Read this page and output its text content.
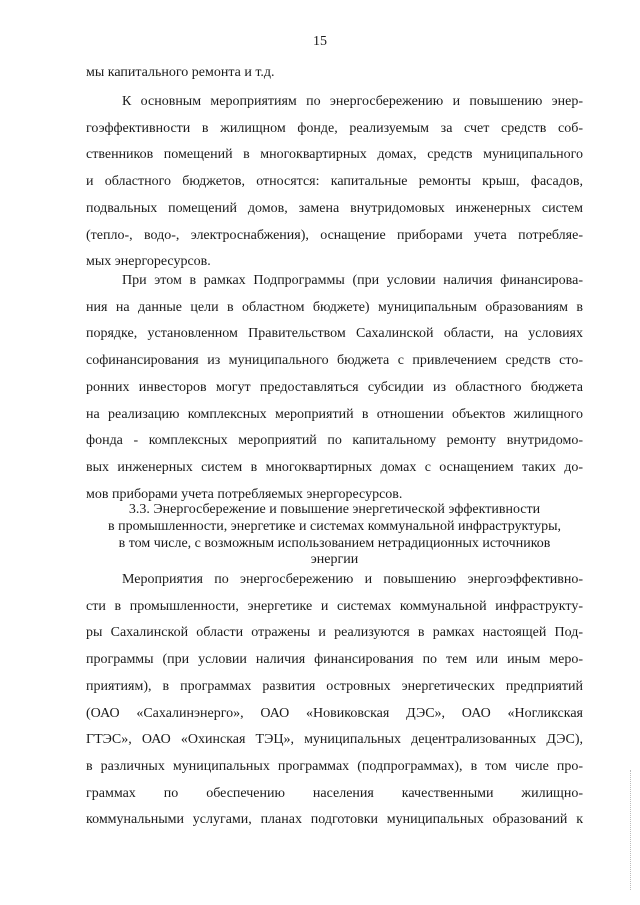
15
мы капитального ремонта и т.д.
К основным мероприятиям по энергосбережению и повышению энер-
гоэффективности в жилищном фонде, реализуемым за счет средств соб-
ственников помещений в многоквартирных домах, средств муниципального
и областного бюджетов, относятся: капитальные ремонты крыш, фасадов,
подвальных помещений домов, замена внутридомовых инженерных систем
(тепло-, водо-, электроснабжения), оснащение приборами учета потребляе-
мых энергоресурсов.
При этом в рамках Подпрограммы (при условии наличия финансирова-
ния на данные цели в областном бюджете) муниципальным образованиям в
порядке, установленном Правительством Сахалинской области, на условиях
софинансирования из муниципального бюджета с привлечением средств сто-
ронних инвесторов могут предоставляться субсидии из областного бюджета
на реализацию комплексных мероприятий в отношении объектов жилищного
фонда - комплексных мероприятий по капитальному ремонту внутридомо-
вых инженерных систем в многоквартирных домах с оснащением таких до-
мов приборами учета потребляемых энергоресурсов.
3.3. Энергосбережение и повышение энергетической эффективности
в промышленности, энергетике и системах коммунальной инфраструктуры,
в том числе, с возможным использованием нетрадиционных источников
энергии
Мероприятия по энергосбережению и повышению энергоэффективно-
сти в промышленности, энергетике и системах коммунальной инфраструкту-
ры Сахалинской области отражены и реализуются в рамках настоящей Под-
программы (при условии наличия финансирования по тем или иным меро-
приятиям), в программах развития островных энергетических предприятий
(ОАО «Сахалинэнерго», ОАО «Новиковская ДЭС», ОАО «Ногликская
ГТЭС», ОАО «Охинская ТЭЦ», муниципальных децентрализованных ДЭС),
в различных муниципальных программах (подпрограммах), в том числе про-
граммах по обеспечению населения качественными жилищно-
коммунальными услугами, планах подготовки муниципальных образований к
